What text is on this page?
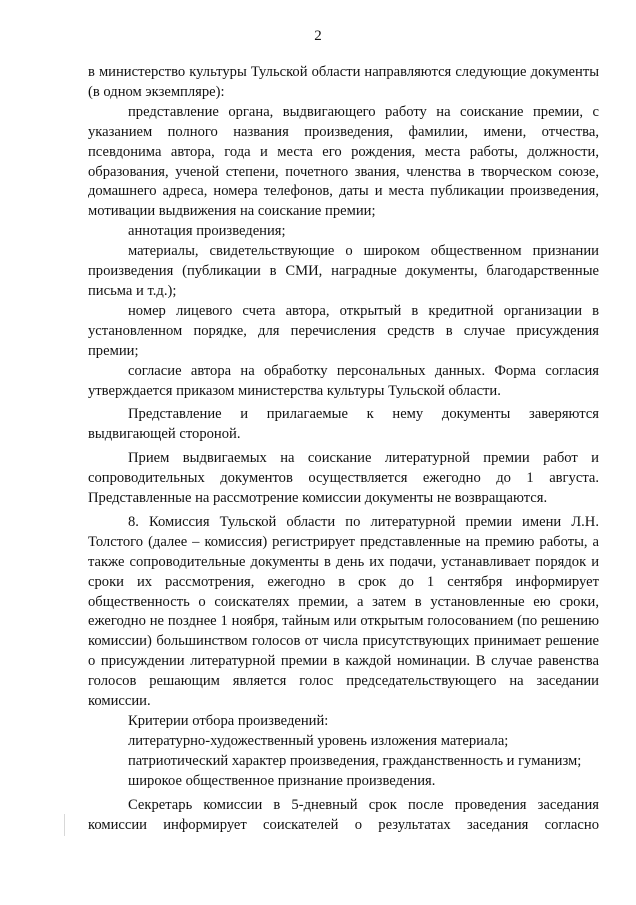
2

в министерство культуры Тульской области направляются следующие документы (в одном экземпляре):

представление органа, выдвигающего работу на соискание премии, с указанием полного названия произведения, фамилии, имени, отчества, псевдонима автора, года и места его рождения, места работы, должности, образования, ученой степени, почетного звания, членства в творческом союзе, домашнего адреса, номера телефонов, даты и места публикации произведения, мотивации выдвижения на соискание премии;

аннотация произведения;

материалы, свидетельствующие о широком общественном признании произведения (публикации в СМИ, наградные документы, благодарственные письма и т.д.);

номер лицевого счета автора, открытый в кредитной организации в установленном порядке, для перечисления средств в случае присуждения премии;

согласие автора на обработку персональных данных. Форма согласия утверждается приказом министерства культуры Тульской области.

Представление и прилагаемые к нему документы заверяются выдвигающей стороной.

Прием выдвигаемых на соискание литературной премии работ и сопроводительных документов осуществляется ежегодно до 1 августа. Представленные на рассмотрение комиссии документы не возвращаются.

8. Комиссия Тульской области по литературной премии имени Л.Н. Толстого (далее – комиссия) регистрирует представленные на премию работы, а также сопроводительные документы в день их подачи, устанавливает порядок и сроки их рассмотрения, ежегодно в срок до 1 сентября информирует общественность о соискателях премии, а затем в установленные ею сроки, ежегодно не позднее 1 ноября, тайным или открытым голосованием (по решению комиссии) большинством голосов от числа присутствующих принимает решение о присуждении литературной премии в каждой номинации. В случае равенства голосов решающим является голос председательствующего на заседании комиссии.

Критерии отбора произведений:

литературно-художественный уровень изложения материала;

патриотический характер произведения, гражданственность и гуманизм;

широкое общественное признание произведения.

Секретарь комиссии в 5-дневный срок после проведения заседания комиссии информирует соискателей о результатах заседания согласно
